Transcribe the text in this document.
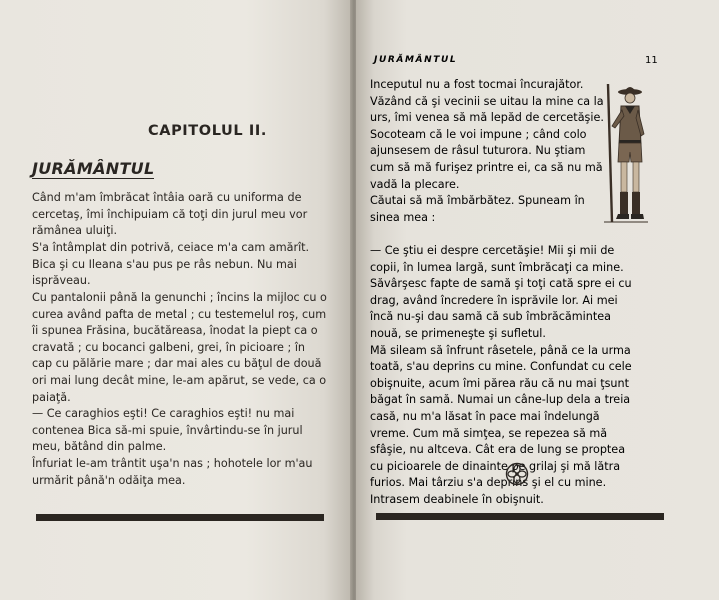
CAPITOLUL II.
JURĂMÂNTUL

Când m'am îmbrăcat întâia oară cu uniforma de cercetaş, îmi închipuiam că toţi din jurul meu vor rămânea uluiţi.

S'a întâmplat din potrivă, ceiace m'a cam amărît. Bica şi cu Ileana s'au pus pe râs nebun. Nu mai isprăveau.

Cu pantalonii până la genunchi ; încins la mijloc cu o curea având pafta de metal ; cu testemelul roş, cum îi spunea Frăsina, bucătăreasa, înodat la piept ca o cravată ; cu bocanci galbeni, grei, în picioare ; în cap cu pălărie mare ; dar mai ales cu băţul de două ori mai lung decât mine, le-am apărut, se vede, ca o paiaţă.

— Ce caraghios eşti! Ce caraghios eşti! nu mai contenea Bica să-mi spuie, învârtindu-se în jurul meu, bătând din palme.

Înfuriat le-am trântit uşa'n nas ; hohotele lor m'au urmărit până'n odăiţa mea.

JURĂMÂNTUL	11

Inceputul nu a fost tocmai încurajător.

Văzând că şi vecinii se uitau la mine ca la urs, îmi venea să mă lepăd de cercetăşie. Socoteam că le voi impune ; când colo ajunsesem de râsul tuturora. Nu ştiam cum să mă furişez printre ei, ca să nu mă vadă la plecare.

Căutai să mă îmbărbătez. Spuneam în sinea mea :

— Ce ştiu ei despre cercetăşie! Mii şi mii de copii, în lumea largă, sunt îmbrăcaţi ca mine. Săvârşesc fapte de samă şi toţi cată spre ei cu drag, având încredere în isprăvile lor. Ai mei încă nu-şi dau samă că sub îmbrăcămintea nouă, se primeneşte şi sufletul.

Mă sileam să înfrunt râsetele, până ce la urma toată, s'au deprins cu mine. Confundat cu cele obişnuite, acum îmi părea rău că nu mai ţsunt băgat în samă. Numai un câne-lup dela a treia casă, nu m'a lăsat în pace mai îndelungă vreme. Cum mă simţea, se repezea să mă sfâşie, nu altceva. Cât era de lung se proptea cu picioarele de dinainte pe grilaj şi mă lătra furios. Mai târziu s'a deprins şi el cu mine.

Intrasem deabinele în obişnuit.
